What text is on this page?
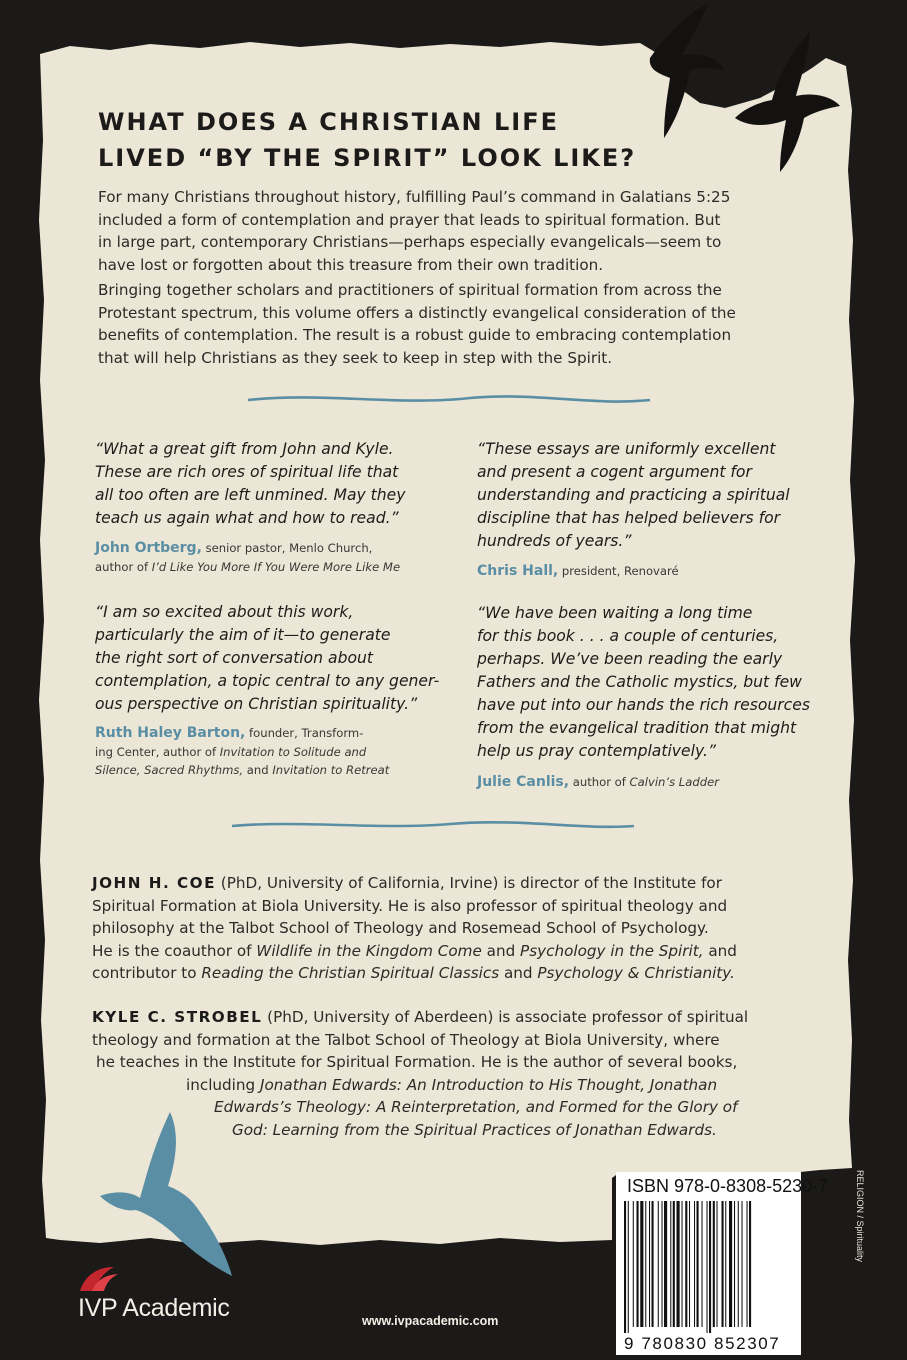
WHAT DOES A CHRISTIAN LIFE
LIVED “BY THE SPIRIT” LOOK LIKE?

For many Christians throughout history, fulfilling Paul’s command in Galatians 5:25
included a form of contemplation and prayer that leads to spiritual formation. But
in large part, contemporary Christians—perhaps especially evangelicals—seem to
have lost or forgotten about this treasure from their own tradition.

Bringing together scholars and practitioners of spiritual formation from across the
Protestant spectrum, this volume offers a distinctly evangelical consideration of the
benefits of contemplation. The result is a robust guide to embracing contemplation
that will help Christians as they seek to keep in step with the Spirit.

“What a great gift from John and Kyle.
These are rich ores of spiritual life that
all too often are left unmined. May they
teach us again what and how to read.”

John Ortberg, senior pastor, Menlo Church,
author of I’d Like You More If You Were More Like Me

“These essays are uniformly excellent
and present a cogent argument for
understanding and practicing a spiritual
discipline that has helped believers for
hundreds of years.”

Chris Hall, president, Renovaré

“I am so excited about this work,
particularly the aim of it—to generate
the right sort of conversation about
contemplation, a topic central to any gener-
ous perspective on Christian spirituality.”

Ruth Haley Barton, founder, Transform-
ing Center, author of Invitation to Solitude and
Silence, Sacred Rhythms, and Invitation to Retreat

“We have been waiting a long time
for this book . . . a couple of centuries,
perhaps. We’ve been reading the early
Fathers and the Catholic mystics, but few
have put into our hands the rich resources
from the evangelical tradition that might
help us pray contemplatively.”

Julie Canlis, author of Calvin’s Ladder

JOHN H. COE (PhD, University of California, Irvine) is director of the Institute for
Spiritual Formation at Biola University. He is also professor of spiritual theology and
philosophy at the Talbot School of Theology and Rosemead School of Psychology.
He is the coauthor of Wildlife in the Kingdom Come and Psychology in the Spirit, and
contributor to Reading the Christian Spiritual Classics and Psychology & Christianity.

KYLE C. STROBEL (PhD, University of Aberdeen) is associate professor of spiritual
theology and formation at the Talbot School of Theology at Biola University, where
he teaches in the Institute for Spiritual Formation. He is the author of several books,
including Jonathan Edwards: An Introduction to His Thought, Jonathan
Edwards’s Theology: A Reinterpretation, and Formed for the Glory of
God: Learning from the Spiritual Practices of Jonathan Edwards.

ISBN 978-0-8308-5230-7
9 780830 852307
RELIGION / Spirituality
IVP Academic	www.ivpacademic.com
